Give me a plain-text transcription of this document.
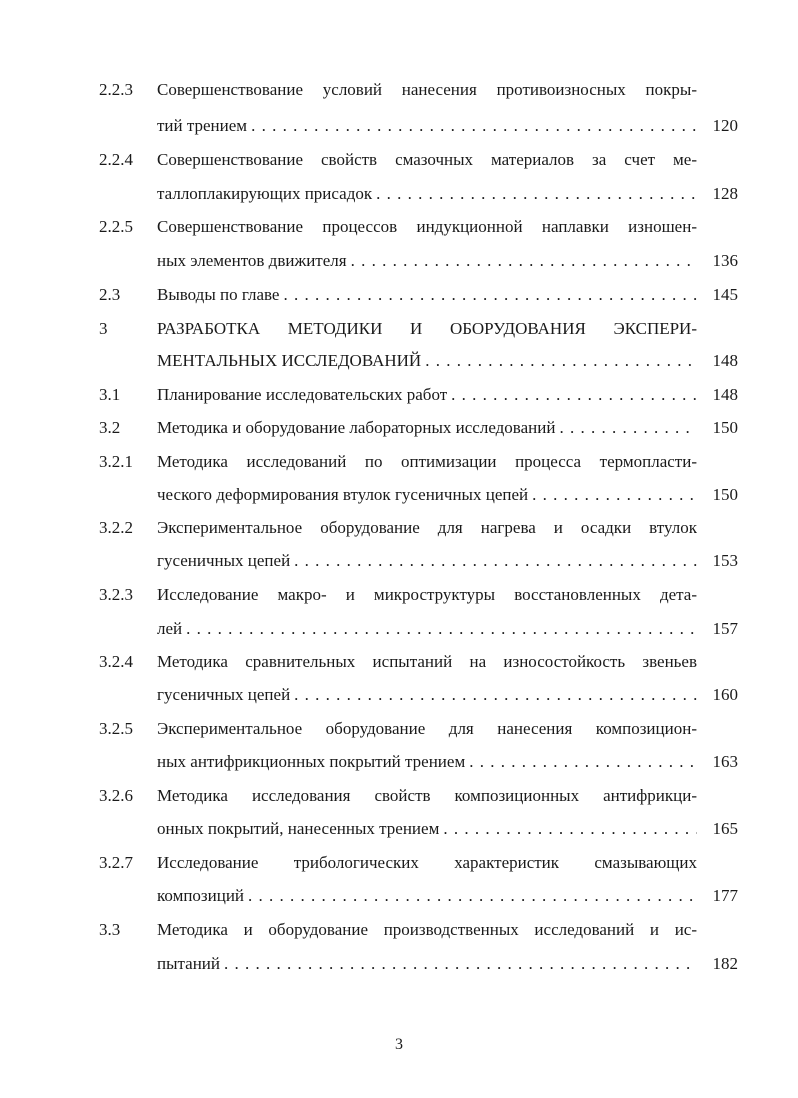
2.2.3 Совершенствование условий нанесения противоизносных покры-
тий трением . . .	120
2.2.4 Совершенствование свойств смазочных материалов за счет ме-
таллоплакирующих присадок . . .	128
2.2.5 Совершенствование процессов индукционной наплавки изношен-
ных элементов движителя . . .	136
2.3 Выводы по главе . . .	145
3	РАЗРАБОТКА МЕТОДИКИ И ОБОРУДОВАНИЯ ЭКСПЕРИ-
МЕНТАЛЬНЫХ ИССЛЕДОВАНИЙ . . .	148
3.1 Планирование исследовательских работ . . .	148
3.2 Методика и оборудование лабораторных исследований . . .	150
3.2.1 Методика исследований по оптимизации процесса термопласти-
ческого деформирования втулок гусеничных цепей . . .	150
3.2.2 Экспериментальное оборудование для нагрева и осадки втулок
гусеничных цепей . . .	153
3.2.3 Исследование макро- и микроструктуры восстановленных дета-
лей . . .	157
3.2.4 Методика сравнительных испытаний на износостойкость звеньев
гусеничных цепей . . .	160
3.2.5 Экспериментальное оборудование для нанесения композицион-
ных антифрикционных покрытий трением . . .	163
3.2.6 Методика исследования свойств композиционных антифрикци-
онных покрытий, нанесенных трением . . .	165
3.2.7 Исследование трибологических характеристик смазывающих
композиций . . .	177
3.3 Методика и оборудование производственных исследований и ис-
пытаний . . .	182
3
